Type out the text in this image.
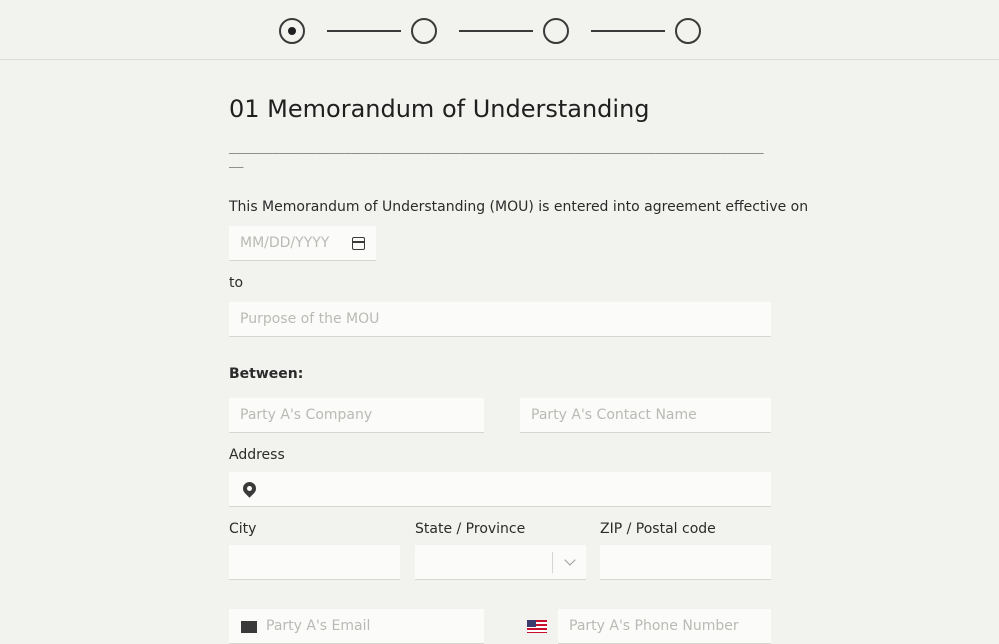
01 Memorandum of Understanding
____________________________________________________________________________
This Memorandum of Understanding (MOU) is entered into agreement effective on
MM/DD/YYYY
to
Purpose of the MOU
Between:
Party A's Company	Party A's Contact Name
Address
City	State / Province	ZIP / Postal code
Party A's Email	Party A's Phone Number
